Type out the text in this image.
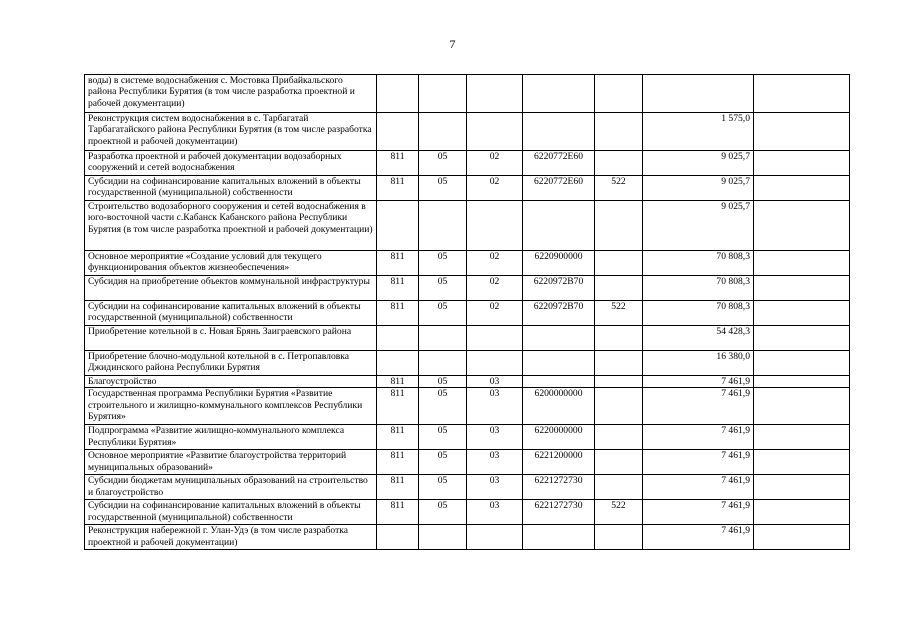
7
воды) в системе водоснабжения с. Мостовка Прибайкальского района Республики Бурятия (в том числе разработка проектной и рабочей документации)							
Реконструкция систем водоснабжения в с. Тарбагатай Тарбагатайского района Республики Бурятия (в том числе разработка проектной и рабочей документации)						1 575,0	
Разработка проектной и рабочей документации водозаборных сооружений и сетей водоснабжения	811	05	02	6220772E60		9 025,7	
Субсидии на софинансирование капитальных вложений в объекты государственной (муниципальной) собственности	811	05	02	6220772E60	522	9 025,7	
Строительство водозаборного сооружения и сетей водоснабжения в юго-восточной части с.Кабанск Кабанского района Республики Бурятия (в том числе разработка проектной и рабочей документации)						9 025,7	
Основное мероприятие «Создание условий для текущего функционирования объектов жизнеобеспечения»	811	05	02	6220900000		70 808,3	
Субсидия на приобретение объектов коммунальной инфраструктуры	811	05	02	6220972B70		70 808,3	
Субсидии на софинансирование капитальных вложений в объекты государственной (муниципальной) собственности	811	05	02	6220972B70	522	70 808,3	
Приобретение котельной в с. Новая Брянь Заиграевского района						54 428,3	
Приобретение блочно-модульной котельной в с. Петропавловка Джидинского района Республики Бурятия						16 380,0	
Благоустройство	811	05	03			7 461,9	
Государственная программа Республики Бурятия «Развитие строительного и жилищно-коммунального комплексов Республики Бурятия»	811	05	03	6200000000		7 461,9	
Подпрограмма «Развитие жилищно-коммунального комплекса Республики Бурятия»	811	05	03	6220000000		7 461,9	
Основное мероприятие «Развитие благоустройства территорий муниципальных образований»	811	05	03	6221200000		7 461,9	
Субсидии бюджетам муниципальных образований на строительство и благоустройство	811	05	03	6221272730		7 461,9	
Субсидии на софинансирование капитальных вложений в объекты государственной (муниципальной) собственности	811	05	03	6221272730	522	7 461,9	
Реконструкция набережной г. Улан-Удэ (в том числе разработка проектной и рабочей документации)						7 461,9	
